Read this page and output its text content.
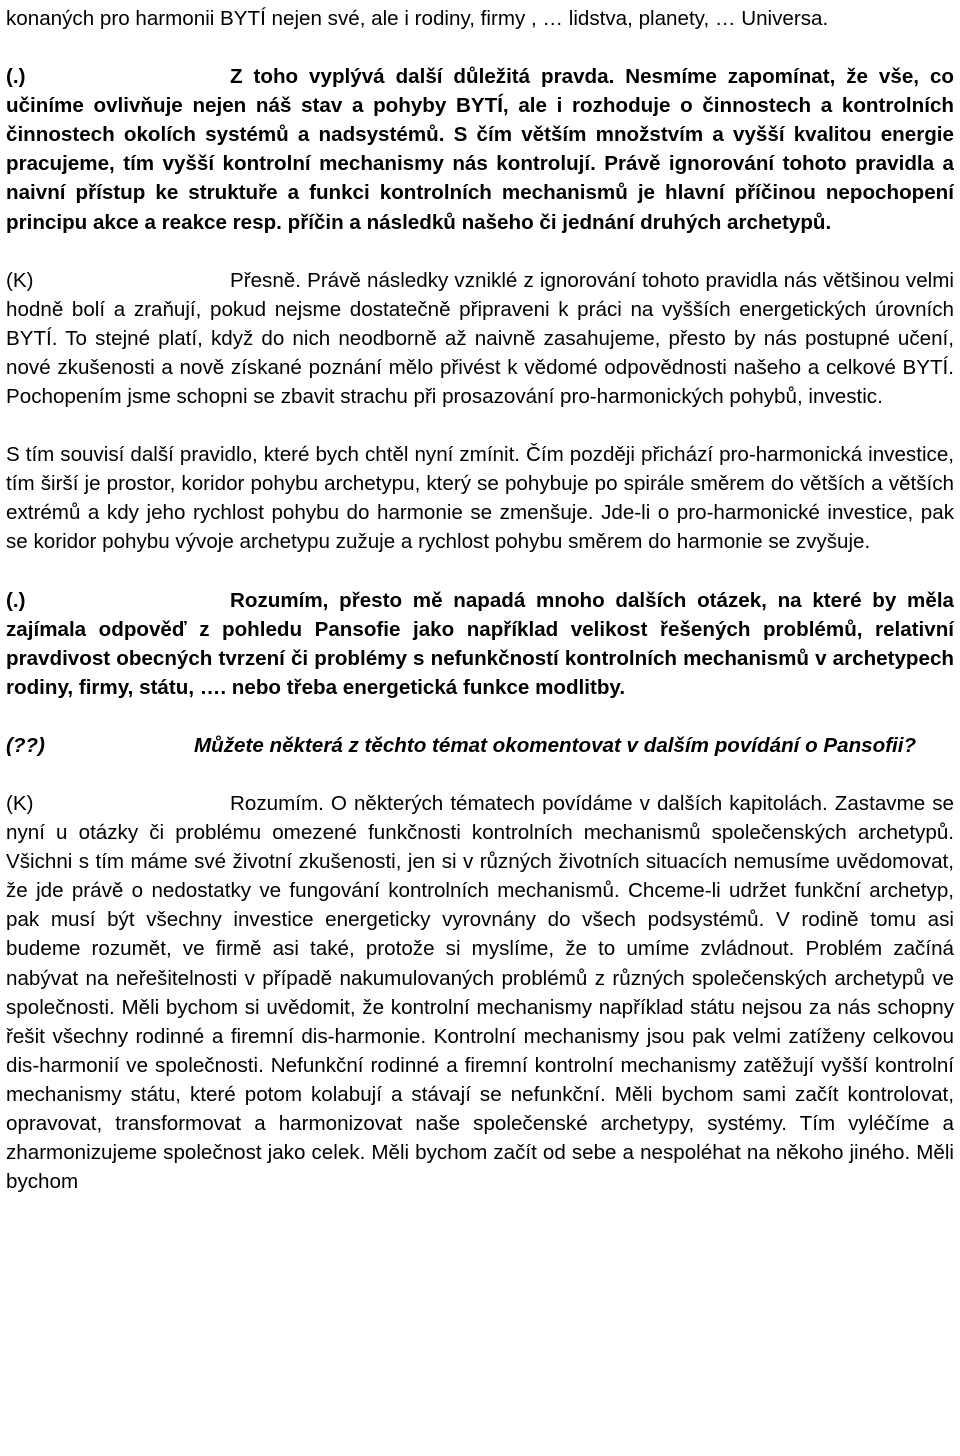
konaných pro harmonii BYTÍ nejen své, ale i rodiny, firmy , … lidstva, planety, … Universa.

(.)	Z toho vyplývá další důležitá pravda. Nesmíme zapomínat, že vše, co učiníme ovlivňuje nejen náš stav a pohyby BYTÍ, ale i rozhoduje o činnostech a kontrolních činnostech okolích systémů a nadsystémů. S čím větším množstvím a vyšší kvalitou energie pracujeme, tím vyšší kontrolní mechanismy nás kontrolují. Právě ignorování tohoto pravidla a naivní přístup ke struktuře a funkci kontrolních mechanismů je hlavní příčinou nepochopení principu akce a reakce resp. příčin a následků našeho či jednání druhých archetypů.

(K)	Přesně. Právě následky vzniklé z ignorování tohoto pravidla nás většinou velmi hodně bolí a zraňují, pokud nejsme dostatečně připraveni k práci na vyšších energetických úrovních BYTÍ. To stejné platí, když do nich neodborně až naivně zasahujeme, přesto by nás postupné učení, nové zkušenosti a nově získané poznání mělo přivést k vědomé odpovědnosti našeho a celkové BYTÍ. Pochopením jsme schopni se zbavit strachu při prosazování pro-harmonických pohybů, investic.

S tím souvisí další pravidlo, které bych chtěl nyní zmínit. Čím později přichází pro-harmonická investice, tím širší je prostor, koridor pohybu archetypu, který se pohybuje po spirále směrem do větších a větších extrémů a kdy jeho rychlost pohybu do harmonie se zmenšuje. Jde-li o pro-harmonické investice, pak se koridor pohybu vývoje archetypu zužuje a rychlost pohybu směrem do harmonie se zvyšuje.

(.)	Rozumím, přesto mě napadá mnoho dalších otázek, na které by měla zajímala odpověď z pohledu Pansofie jako například velikost řešených problémů, relativní pravdivost obecných tvrzení či problémy s nefunkčností kontrolních mechanismů v archetypech rodiny, firmy, státu, …. nebo třeba energetická funkce modlitby.

(??)	Můžete některá z těchto témat okomentovat v dalším povídání o Pansofii?

(K)	Rozumím. O některých tématech povídáme v dalších kapitolách. Zastavme se nyní u otázky či problému omezené funkčnosti kontrolních mechanismů společenských archetypů. Všichni s tím máme své životní zkušenosti, jen si v různých životních situacích nemusíme uvědomovat, že jde právě o nedostatky ve fungování kontrolních mechanismů. Chceme-li udržet funkční archetyp, pak musí být všechny investice energeticky vyrovnány do všech podsystémů. V rodině tomu asi budeme rozumět, ve firmě asi také, protože si myslíme, že to umíme zvládnout. Problém začíná nabývat na neřešitelnosti v případě nakumulovaných problémů z různých společenských archetypů ve společnosti. Měli bychom si uvědomit, že kontrolní mechanismy například státu nejsou za nás schopny řešit všechny rodinné a firemní dis-harmonie. Kontrolní mechanismy jsou pak velmi zatíženy celkovou dis-harmonií ve společnosti. Nefunkční rodinné a firemní kontrolní mechanismy zatěžují vyšší kontrolní mechanismy státu, které potom kolabují a stávají se nefunkční. Měli bychom sami začít kontrolovat, opravovat, transformovat a harmonizovat naše společenské archetypy, systémy. Tím vyléčíme a zharmonizujeme společnost jako celek. Měli bychom začít od sebe a nespoléhat na někoho jiného. Měli bychom
